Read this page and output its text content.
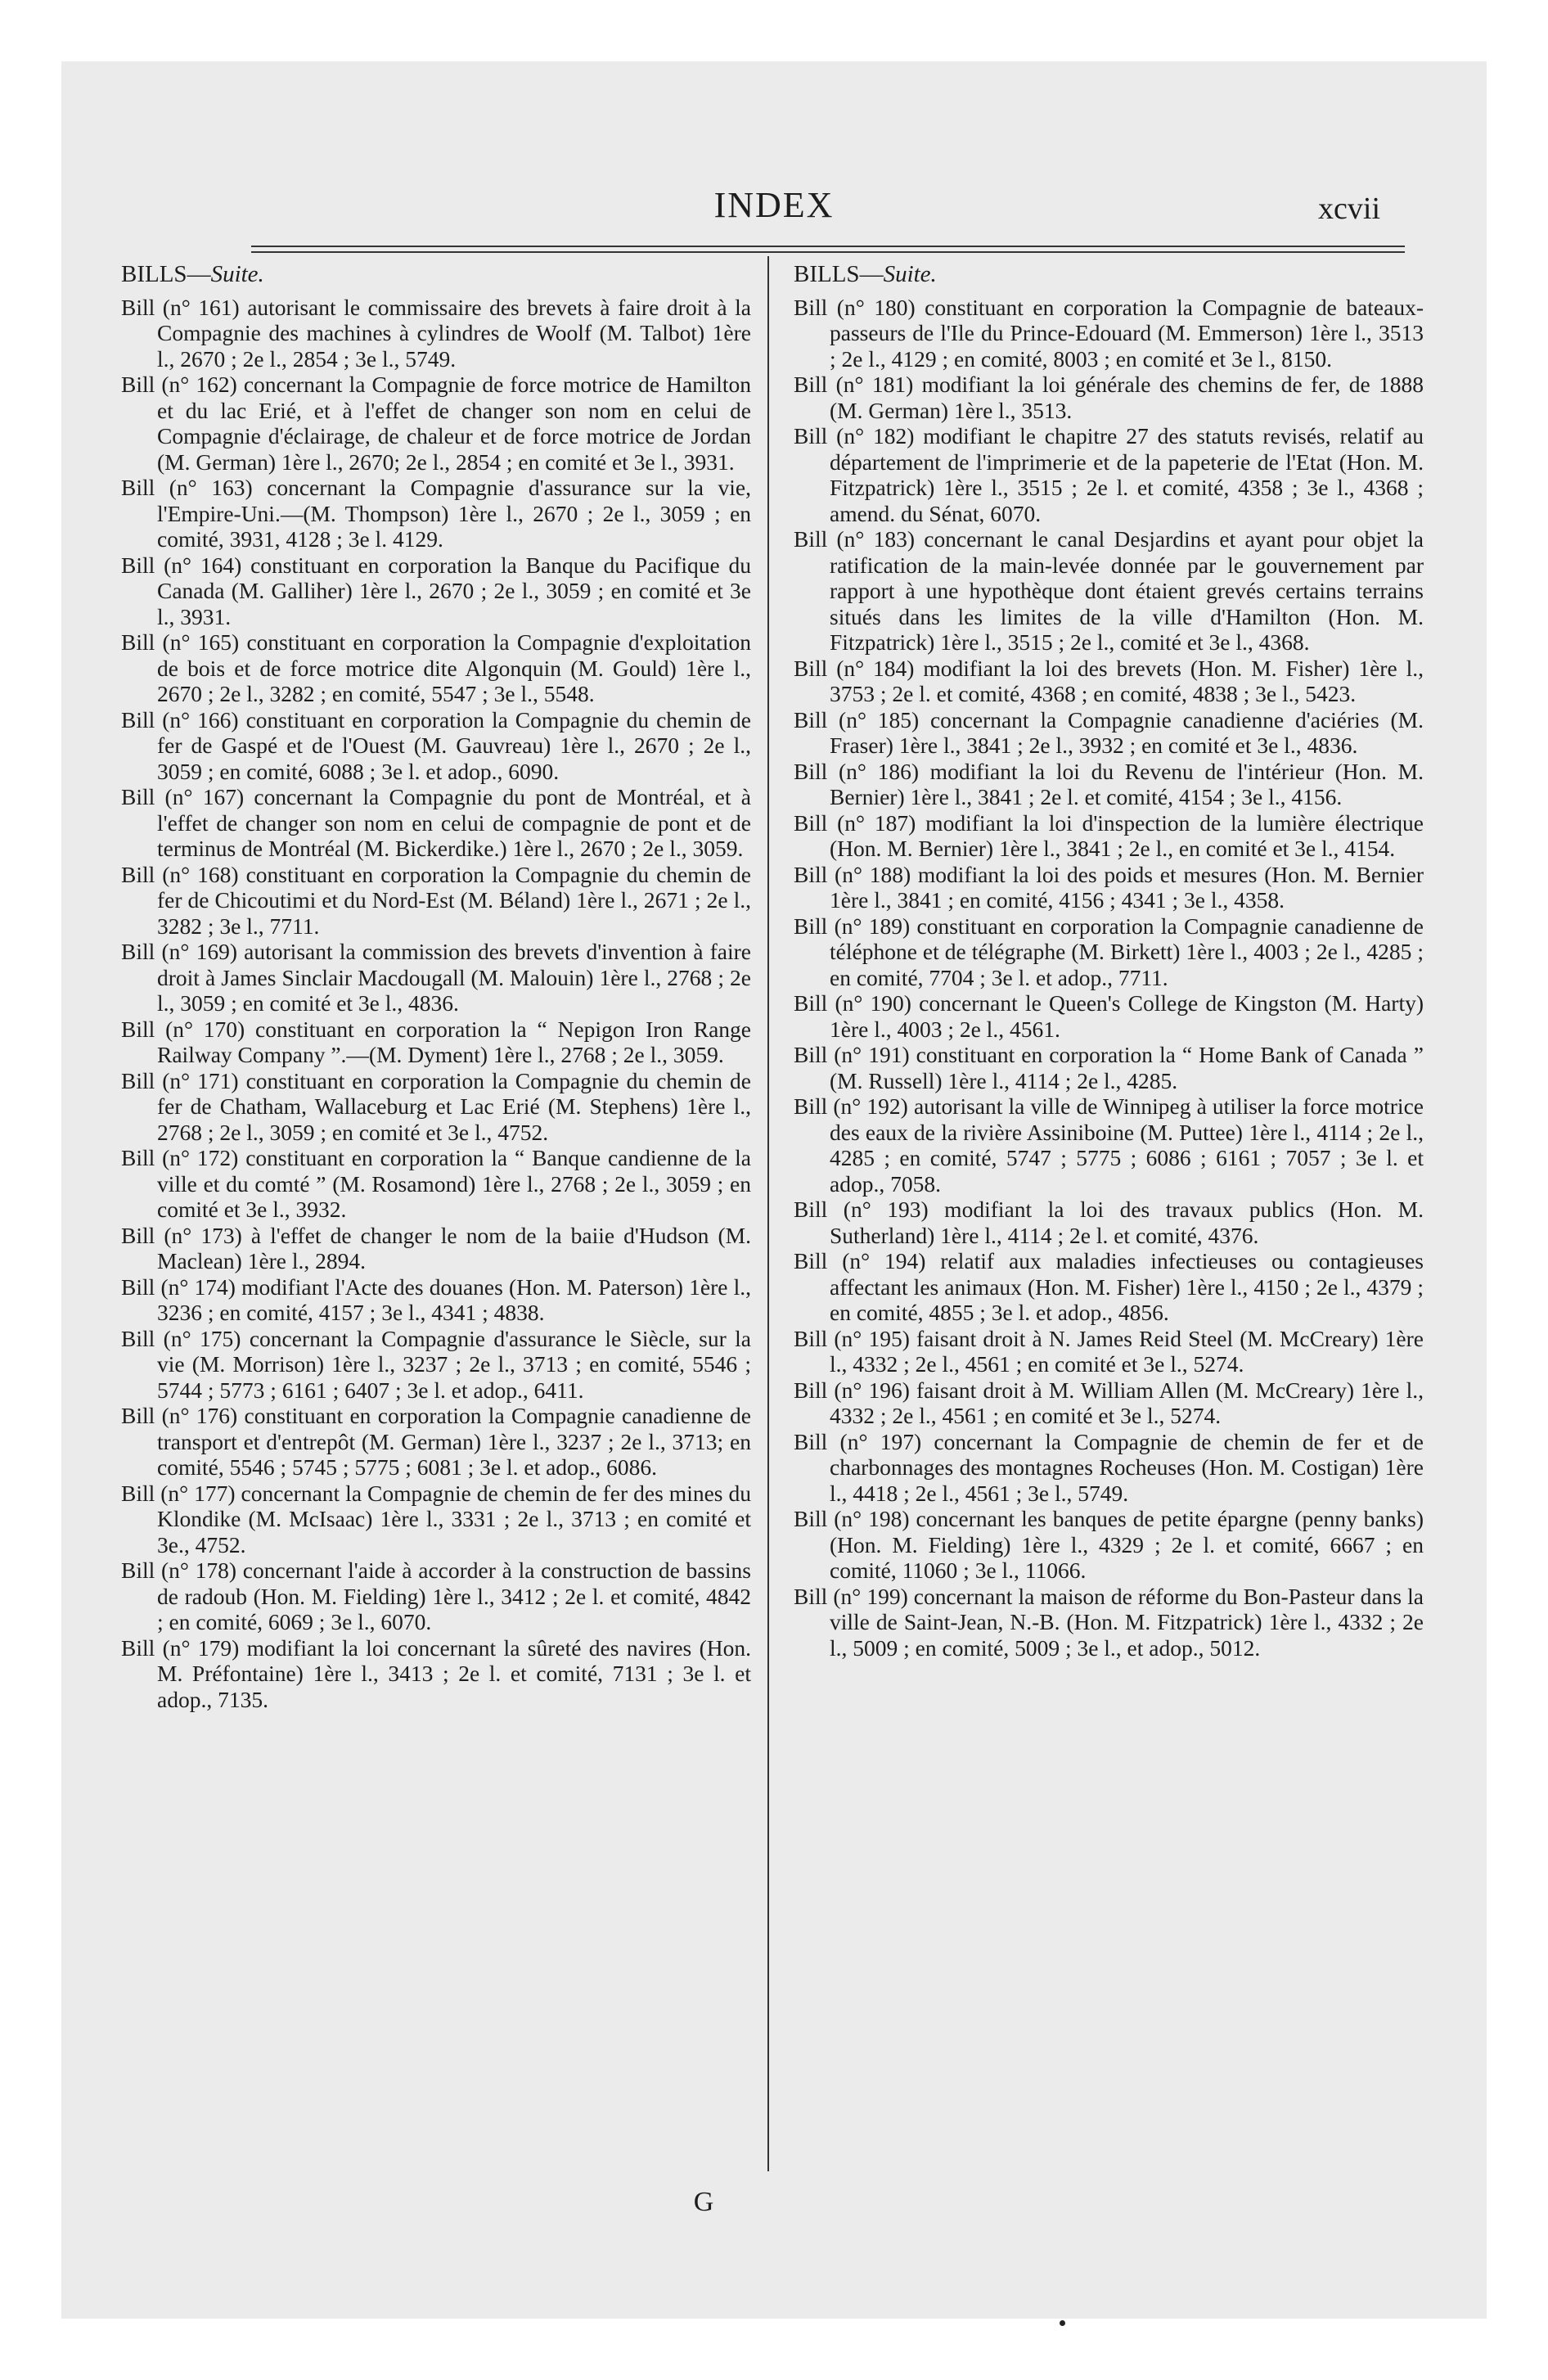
INDEX	xcvii

BILLS—Suite.

Bill (n° 161) autorisant le commissaire des brevets à faire droit à la Compagnie des machines à cylindres de Woolf (M. Talbot) 1ère l., 2670 ; 2e l., 2854 ; 3e l., 5749.

Bill (n° 162) concernant la Compagnie de force motrice de Hamilton et du lac Erié, et à l'effet de changer son nom en celui de Compagnie d'éclairage, de chaleur et de force motrice de Jordan (M. German) 1ère l., 2670; 2e l., 2854 ; en comité et 3e l., 3931.

Bill (n° 163) concernant la Compagnie d'assurance sur la vie, l'Empire-Uni.—(M. Thompson) 1ère l., 2670 ; 2e l., 3059 ; en comité, 3931, 4128 ; 3e l. 4129.

Bill (n° 164) constituant en corporation la Banque du Pacifique du Canada (M. Galliher) 1ère l., 2670 ; 2e l., 3059 ; en comité et 3e l., 3931.

Bill (n° 165) constituant en corporation la Compagnie d'exploitation de bois et de force motrice dite Algonquin (M. Gould) 1ère l., 2670 ; 2e l., 3282 ; en comité, 5547 ; 3e l., 5548.

Bill (n° 166) constituant en corporation la Compagnie du chemin de fer de Gaspé et de l'Ouest (M. Gauvreau) 1ère l., 2670 ; 2e l., 3059 ; en comité, 6088 ; 3e l. et adop., 6090.

Bill (n° 167) concernant la Compagnie du pont de Montréal, et à l'effet de changer son nom en celui de compagnie de pont et de terminus de Montréal (M. Bickerdike.) 1ère l., 2670 ; 2e l., 3059.

Bill (n° 168) constituant en corporation la Compagnie du chemin de fer de Chicoutimi et du Nord-Est (M. Béland) 1ère l., 2671 ; 2e l., 3282 ; 3e l., 7711.

Bill (n° 169) autorisant la commission des brevets d'invention à faire droit à James Sinclair Macdougall (M. Malouin) 1ère l., 2768 ; 2e l., 3059 ; en comité et 3e l., 4836.

Bill (n° 170) constituant en corporation la “ Nepigon Iron Range Railway Company ”.—(M. Dyment) 1ère l., 2768 ; 2e l., 3059.

Bill (n° 171) constituant en corporation la Compagnie du chemin de fer de Chatham, Wallaceburg et Lac Erié (M. Stephens) 1ère l., 2768 ; 2e l., 3059 ; en comité et 3e l., 4752.

Bill (n° 172) constituant en corporation la “ Banque candienne de la ville et du comté ” (M. Rosamond) 1ère l., 2768 ; 2e l., 3059 ; en comité et 3e l., 3932.

Bill (n° 173) à l'effet de changer le nom de la baiie d'Hudson (M. Maclean) 1ère l., 2894.

Bill (n° 174) modifiant l'Acte des douanes (Hon. M. Paterson) 1ère l., 3236 ; en comité, 4157 ; 3e l., 4341 ; 4838.

Bill (n° 175) concernant la Compagnie d'assurance le Siècle, sur la vie (M. Morrison) 1ère l., 3237 ; 2e l., 3713 ; en comité, 5546 ; 5744 ; 5773 ; 6161 ; 6407 ; 3e l. et adop., 6411.

Bill (n° 176) constituant en corporation la Compagnie canadienne de transport et d'entrepôt (M. German) 1ère l., 3237 ; 2e l., 3713; en comité, 5546 ; 5745 ; 5775 ; 6081 ; 3e l. et adop., 6086.

Bill (n° 177) concernant la Compagnie de chemin de fer des mines du Klondike (M. McIsaac) 1ère l., 3331 ; 2e l., 3713 ; en comité et 3e., 4752.

Bill (n° 178) concernant l'aide à accorder à la construction de bassins de radoub (Hon. M. Fielding) 1ère l., 3412 ; 2e l. et comité, 4842 ; en comité, 6069 ; 3e l., 6070.

Bill (n° 179) modifiant la loi concernant la sûreté des navires (Hon. M. Préfontaine) 1ère l., 3413 ; 2e l. et comité, 7131 ; 3e l. et adop., 7135.

BILLS—Suite.

Bill (n° 180) constituant en corporation la Compagnie de bateaux-passeurs de l'Ile du Prince-Edouard (M. Emmerson) 1ère l., 3513 ; 2e l., 4129 ; en comité, 8003 ; en comité et 3e l., 8150.

Bill (n° 181) modifiant la loi générale des chemins de fer, de 1888 (M. German) 1ère l., 3513.

Bill (n° 182) modifiant le chapitre 27 des statuts revisés, relatif au département de l'imprimerie et de la papeterie de l'Etat (Hon. M. Fitzpatrick) 1ère l., 3515 ; 2e l. et comité, 4358 ; 3e l., 4368 ; amend. du Sénat, 6070.

Bill (n° 183) concernant le canal Desjardins et ayant pour objet la ratification de la main-levée donnée par le gouvernement par rapport à une hypothèque dont étaient grevés certains terrains situés dans les limites de la ville d'Hamilton (Hon. M. Fitzpatrick) 1ère l., 3515 ; 2e l., comité et 3e l., 4368.

Bill (n° 184) modifiant la loi des brevets (Hon. M. Fisher) 1ère l., 3753 ; 2e l. et comité, 4368 ; en comité, 4838 ; 3e l., 5423.

Bill (n° 185) concernant la Compagnie canadienne d'aciéries (M. Fraser) 1ère l., 3841 ; 2e l., 3932 ; en comité et 3e l., 4836.

Bill (n° 186) modifiant la loi du Revenu de l'intérieur (Hon. M. Bernier) 1ère l., 3841 ; 2e l. et comité, 4154 ; 3e l., 4156.

Bill (n° 187) modifiant la loi d'inspection de la lumière électrique (Hon. M. Bernier) 1ère l., 3841 ; 2e l., en comité et 3e l., 4154.

Bill (n° 188) modifiant la loi des poids et mesures (Hon. M. Bernier 1ère l., 3841 ; en comité, 4156 ; 4341 ; 3e l., 4358.

Bill (n° 189) constituant en corporation la Compagnie canadienne de téléphone et de télégraphe (M. Birkett) 1ère l., 4003 ; 2e l., 4285 ; en comité, 7704 ; 3e l. et adop., 7711.

Bill (n° 190) concernant le Queen's College de Kingston (M. Harty) 1ère l., 4003 ; 2e l., 4561.

Bill (n° 191) constituant en corporation la “ Home Bank of Canada ” (M. Russell) 1ère l., 4114 ; 2e l., 4285.

Bill (n° 192) autorisant la ville de Winnipeg à utiliser la force motrice des eaux de la rivière Assiniboine (M. Puttee) 1ère l., 4114 ; 2e l., 4285 ; en comité, 5747 ; 5775 ; 6086 ; 6161 ; 7057 ; 3e l. et adop., 7058.

Bill (n° 193) modifiant la loi des travaux publics (Hon. M. Sutherland) 1ère l., 4114 ; 2e l. et comité, 4376.

Bill (n° 194) relatif aux maladies infectieuses ou contagieuses affectant les animaux (Hon. M. Fisher) 1ère l., 4150 ; 2e l., 4379 ; en comité, 4855 ; 3e l. et adop., 4856.

Bill (n° 195) faisant droit à N. James Reid Steel (M. McCreary) 1ère l., 4332 ; 2e l., 4561 ; en comité et 3e l., 5274.

Bill (n° 196) faisant droit à M. William Allen (M. McCreary) 1ère l., 4332 ; 2e l., 4561 ; en comité et 3e l., 5274.

Bill (n° 197) concernant la Compagnie de chemin de fer et de charbonnages des montagnes Rocheuses (Hon. M. Costigan) 1ère l., 4418 ; 2e l., 4561 ; 3e l., 5749.

Bill (n° 198) concernant les banques de petite épargne (penny banks) (Hon. M. Fielding) 1ère l., 4329 ; 2e l. et comité, 6667 ; en comité, 11060 ; 3e l., 11066.

Bill (n° 199) concernant la maison de réforme du Bon-Pasteur dans la ville de Saint-Jean, N.-B. (Hon. M. Fitzpatrick) 1ère l., 4332 ; 2e l., 5009 ; en comité, 5009 ; 3e l., et adop., 5012.

G
